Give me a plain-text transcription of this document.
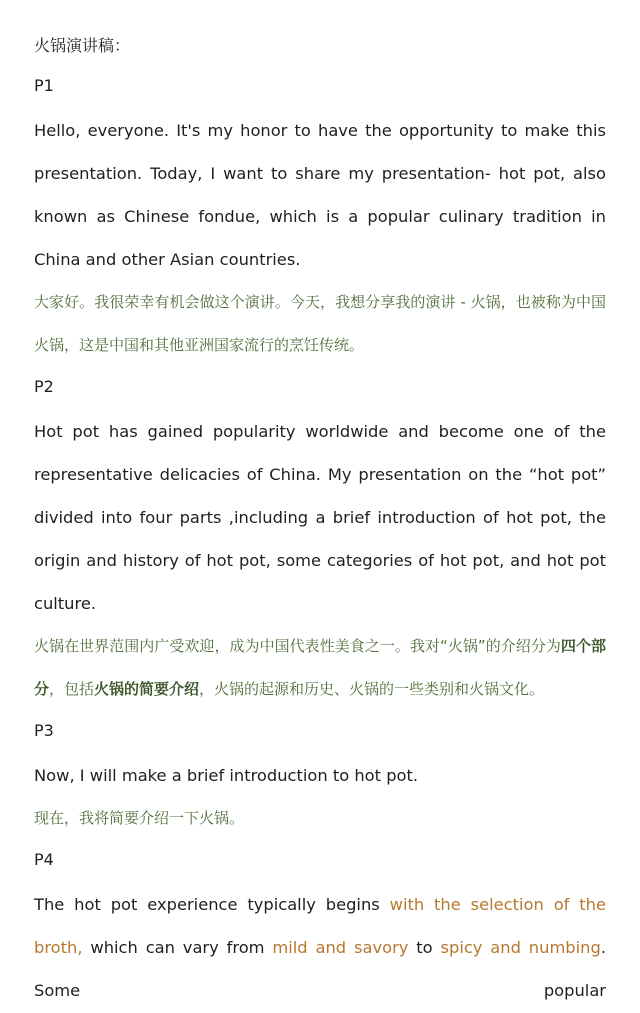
火锅演讲稿：

P1

Hello, everyone. It's my honor to have the opportunity to make this presentation. Today, I want to share my presentation- hot pot, also known as Chinese fondue, which is a popular culinary tradition in China and other Asian countries.

大家好。我很荣幸有机会做这个演讲。今天，我想分享我的演讲 - 火锅，也被称为中国火锅，这是中国和其他亚洲国家流行的烹饪传统。

P2

Hot pot has gained popularity worldwide and become one of the representative delicacies of China. My presentation on the “hot pot” divided into four parts ,including a brief introduction of hot pot, the origin and history of hot pot, some categories of hot pot, and hot pot culture.

火锅在世界范围内广受欢迎，成为中国代表性美食之一。我对“火锅”的介绍分为四个部分，包括火锅的简要介绍，火锅的起源和历史、火锅的一些类别和火锅文化。

P3

Now, I will make a brief introduction to hot pot.

现在，我将简要介绍一下火锅。

P4

The hot pot experience typically begins with the selection of the broth, which can vary from mild and savory to spicy and numbing. Some popular
